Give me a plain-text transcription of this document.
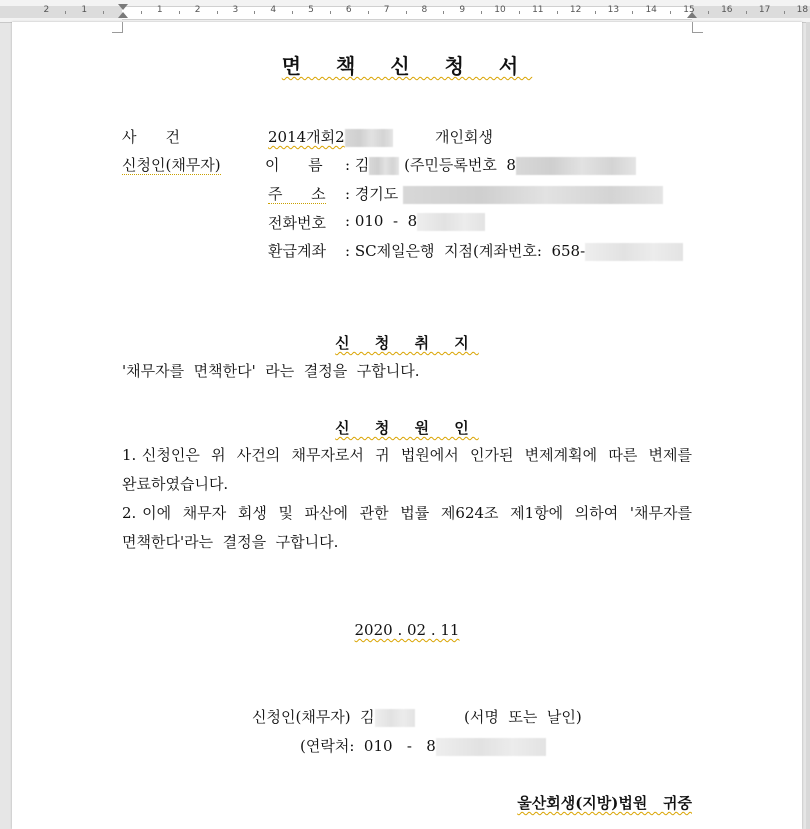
2	1	1	2	3	4	5	6	7	8	9	10	11	12	13	14	15	16	17	18
면 책 신 청 서
사    건	2014개회2	개인회생
신청인(채무자)	이      름 : 김 (주민등록번호  8
주      소 : 경기도
전화번호 : 010  -  8
환급계좌 : SC제일은행  지점(계좌번호:  658-
신 청 취 지
'채무자를  면책한다'  라는  결정을  구합니다.
신 청 원 인
1. 신청인은  위  사건의  채무자로서  귀  법원에서  인가된  변제계획에  따른  변제를  완료하였습니다.
2. 이에  채무자  회생  및  파산에  관한  법률  제624조  제1항에  의하여  '채무자를  면책한다'라는  결정을  구합니다.
2020 . 02 . 11
신청인(채무자)  김	(서명  또는  날인)
(연락처:  010   -   8
울산회생(지방)법원   귀중
